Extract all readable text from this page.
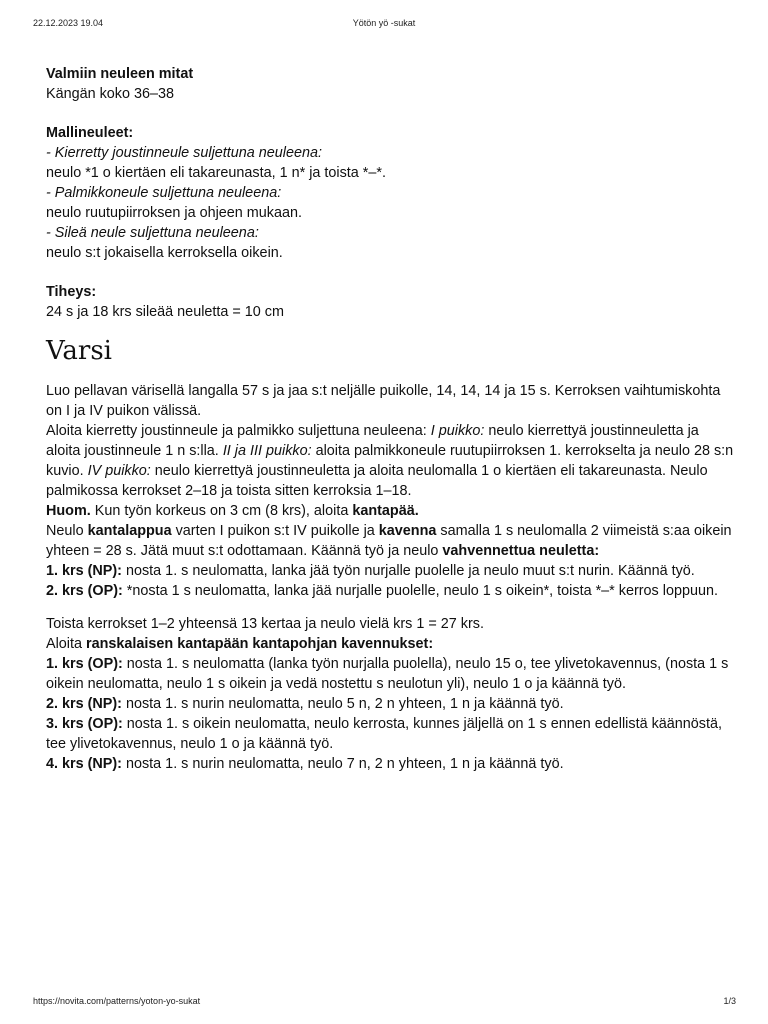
22.12.2023 19.04	Yötön yö -sukat

Valmiin neuleen mitat

Kängän koko 36–38

Mallineuleet:

- Kierretty joustinneule suljettuna neuleena:

neulo *1 o kiertäen eli takareunasta, 1 n* ja toista *–*.

- Palmikkoneule suljettuna neuleena:

neulo ruutupiirroksen ja ohjeen mukaan.

- Sileä neule suljettuna neuleena:

neulo s:t jokaisella kerroksella oikein.

Tiheys:

24 s ja 18 krs sileää neuletta = 10 cm

Varsi

Luo pellavan värisellä langalla 57 s ja jaa s:t neljälle puikolle, 14, 14, 14 ja 15 s. Kerroksen vaihtumiskohta on I ja IV puikon välissä.

Aloita kierretty joustinneule ja palmikko suljettuna neuleena: I puikko: neulo kierrettyä joustinneuletta ja aloita joustinneule 1 n s:lla. II ja III puikko: aloita palmikkoneule ruutupiirroksen 1. kerrokselta ja neulo 28 s:n kuvio. IV puikko: neulo kierrettyä joustinneuletta ja aloita neulomalla 1 o kiertäen eli takareunasta. Neulo palmikossa kerrokset 2–18 ja toista sitten kerroksia 1–18.

Huom. Kun työn korkeus on 3 cm (8 krs), aloita kantapää.

Neulo kantalappua varten I puikon s:t IV puikolle ja kavenna samalla 1 s neulomalla 2 viimeistä s:aa oikein yhteen = 28 s. Jätä muut s:t odottamaan. Käännä työ ja neulo vahvennettua neuletta:

1. krs (NP): nosta 1. s neulomatta, lanka jää työn nurjalle puolelle ja neulo muut s:t nurin. Käännä työ.

2. krs (OP): *nosta 1 s neulomatta, lanka jää nurjalle puolelle, neulo 1 s oikein*, toista *–* kerros loppuun.

Toista kerrokset 1–2 yhteensä 13 kertaa ja neulo vielä krs 1 = 27 krs.

Aloita ranskalaisen kantapään kantapohjan kavennukset:

1. krs (OP): nosta 1. s neulomatta (lanka työn nurjalla puolella), neulo 15 o, tee ylivetokavennus, (nosta 1 s oikein neulomatta, neulo 1 s oikein ja vedä nostettu s neulotun yli), neulo 1 o ja käännä työ.

2. krs (NP): nosta 1. s nurin neulomatta, neulo 5 n, 2 n yhteen, 1 n ja käännä työ.

3. krs (OP): nosta 1. s oikein neulomatta, neulo kerrosta, kunnes jäljellä on 1 s ennen edellistä käännöstä, tee ylivetokavennus, neulo 1 o ja käännä työ.

4. krs (NP): nosta 1. s nurin neulomatta, neulo 7 n, 2 n yhteen, 1 n ja käännä työ.

https://novita.com/patterns/yoton-yo-sukat	1/3
